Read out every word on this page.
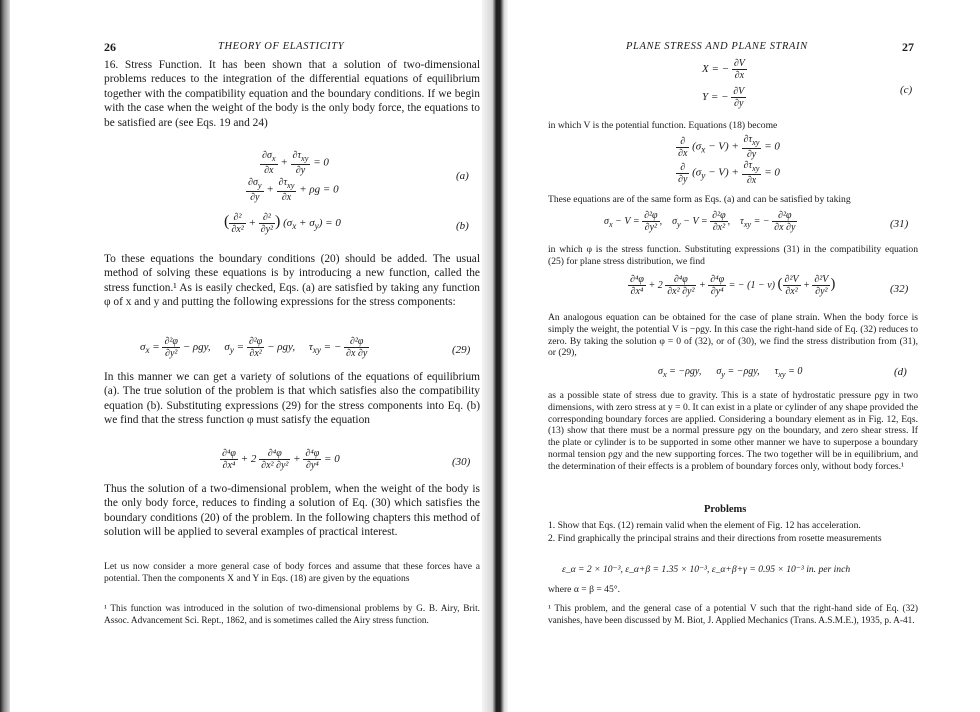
26	THEORY OF ELASTICITY
16. Stress Function. It has been shown that a solution of two-dimensional problems reduces to the integration of the differential equations of equilibrium together with the compatibility equation and the boundary conditions. If we begin with the case when the weight of the body is the only body force, the equations to be satisfied are (see Eqs. 19 and 24)
$\frac{\partial\sigma_x}{\partial x} + \frac{\partial\tau_{xy}}{\partial y} = 0$
$\frac{\partial\sigma_y}{\partial y} + \frac{\partial\tau_{xy}}{\partial x} + \rho g = 0$
(a)
( $\frac{\text{∂²}}{\text{∂x²}} + \frac{\text{∂²}}{\text{∂y²}}$ ) $(\sigma_x + \sigma_y) = 0$	(b)
To these equations the boundary conditions (20) should be added. The usual method of solving these equations is by introducing a new function, called the stress function.¹ As is easily checked, Eqs. (a) are satisfied by taking any function φ of x and y and putting the following expressions for the stress components:
$\sigma_x = \frac{\text{∂²φ}}{\text{∂y²}} - \rho gy$,     $\sigma_y = \frac{\text{∂²φ}}{\text{∂x²}} - \rho gy$,     $\tau_{xy}$ = − $\frac{\text{∂²φ}}{\partial x \partial y}$	(29)
In this manner we can get a variety of solutions of the equations of equilibrium (a). The true solution of the problem is that which satisfies also the compatibility equation (b). Substituting expressions (29) for the stress components into Eq. (b) we find that the stress function φ must satisfy the equation
$\frac{\text{∂⁴φ}}{\text{∂x⁴}} + 2 \frac{\text{∂⁴φ}}{\text{∂x² ∂y²}} + \frac{\text{∂⁴φ}}{\text{∂y⁴}} = 0$	(30)
Thus the solution of a two-dimensional problem, when the weight of the body is the only body force, reduces to finding a solution of Eq. (30) which satisfies the boundary conditions (20) of the problem. In the following chapters this method of solution will be applied to several examples of practical interest.
Let us now consider a more general case of body forces and assume that these forces have a potential. Then the components X and Y in Eqs. (18) are given by the equations
¹ This function was introduced in the solution of two-dimensional problems by G. B. Airy, Brit. Assoc. Advancement Sci. Rept., 1862, and is sometimes called the Airy stress function.
PLANE STRESS AND PLANE STRAIN	27
X = − $\frac{\partial V}{\partial x}$
Y = − $\frac{\partial V}{\partial y}$	(c)
in which V is the potential function. Equations (18) become
$\frac{\partial}{\partial x} (\sigma_x - V) + \frac{\partial\tau_{xy}}{\partial y} = 0$
$\frac{\partial}{\partial y} (\sigma_y - V) + \frac{\partial\tau_{xy}}{\partial x} = 0$
These equations are of the same form as Eqs. (a) and can be satisfied by taking
$\sigma_x - V = \frac{\text{∂²φ}}{\text{∂y²}}$ ,    $\sigma_y - V = \frac{\text{∂²φ}}{\text{∂x²}}$ ,    $\tau_{xy}$ = − $\frac{\text{∂²φ}}{\partial x \partial y}$	(31)
in which φ is the stress function. Substituting expressions (31) in the compatibility equation (25) for plane stress distribution, we find
$\frac{\text{∂⁴φ}}{\text{∂x⁴}} + 2 \frac{\text{∂⁴φ}}{\text{∂x² ∂y²}} + \frac{\text{∂⁴φ}}{\text{∂y⁴}}$ = − (1 − ν) ( $\frac{\text{∂²V}}{\text{∂x²}} + \frac{\text{∂²V}}{\text{∂y²}}$ )	(32)
An analogous equation can be obtained for the case of plane strain. When the body force is simply the weight, the potential V is −ρgy. In this case the right-hand side of Eq. (32) reduces to zero. By taking the solution φ = 0 of (32), or of (30), we find the stress distribution from (31), or (29),
$\sigma_x = -\rho gy$,      $\sigma_y = -\rho gy$,      $\tau_{xy} = 0$	(d)
as a possible state of stress due to gravity. This is a state of hydrostatic pressure ρgy in two dimensions, with zero stress at y = 0. It can exist in a plate or cylinder of any shape provided the corresponding boundary forces are applied. Considering a boundary element as in Fig. 12, Eqs. (13) show that there must be a normal pressure ρgy on the boundary, and zero shear stress. If the plate or cylinder is to be supported in some other manner we have to superpose a boundary normal tension ρgy and the new supporting forces. The two together will be in equilibrium, and the determination of their effects is a problem of boundary forces only, without body forces.¹
Problems
1. Show that Eqs. (12) remain valid when the element of Fig. 12 has acceleration.
2. Find graphically the principal strains and their directions from rosette measurements
ε_α = 2 × 10⁻³, ε_α+β = 1.35 × 10⁻³, ε_α+β+γ = 0.95 × 10⁻³ in. per inch
where α = β = 45°.
¹ This problem, and the general case of a potential V such that the right-hand side of Eq. (32) vanishes, have been discussed by M. Biot, J. Applied Mechanics (Trans. A.S.M.E.), 1935, p. A-41.
